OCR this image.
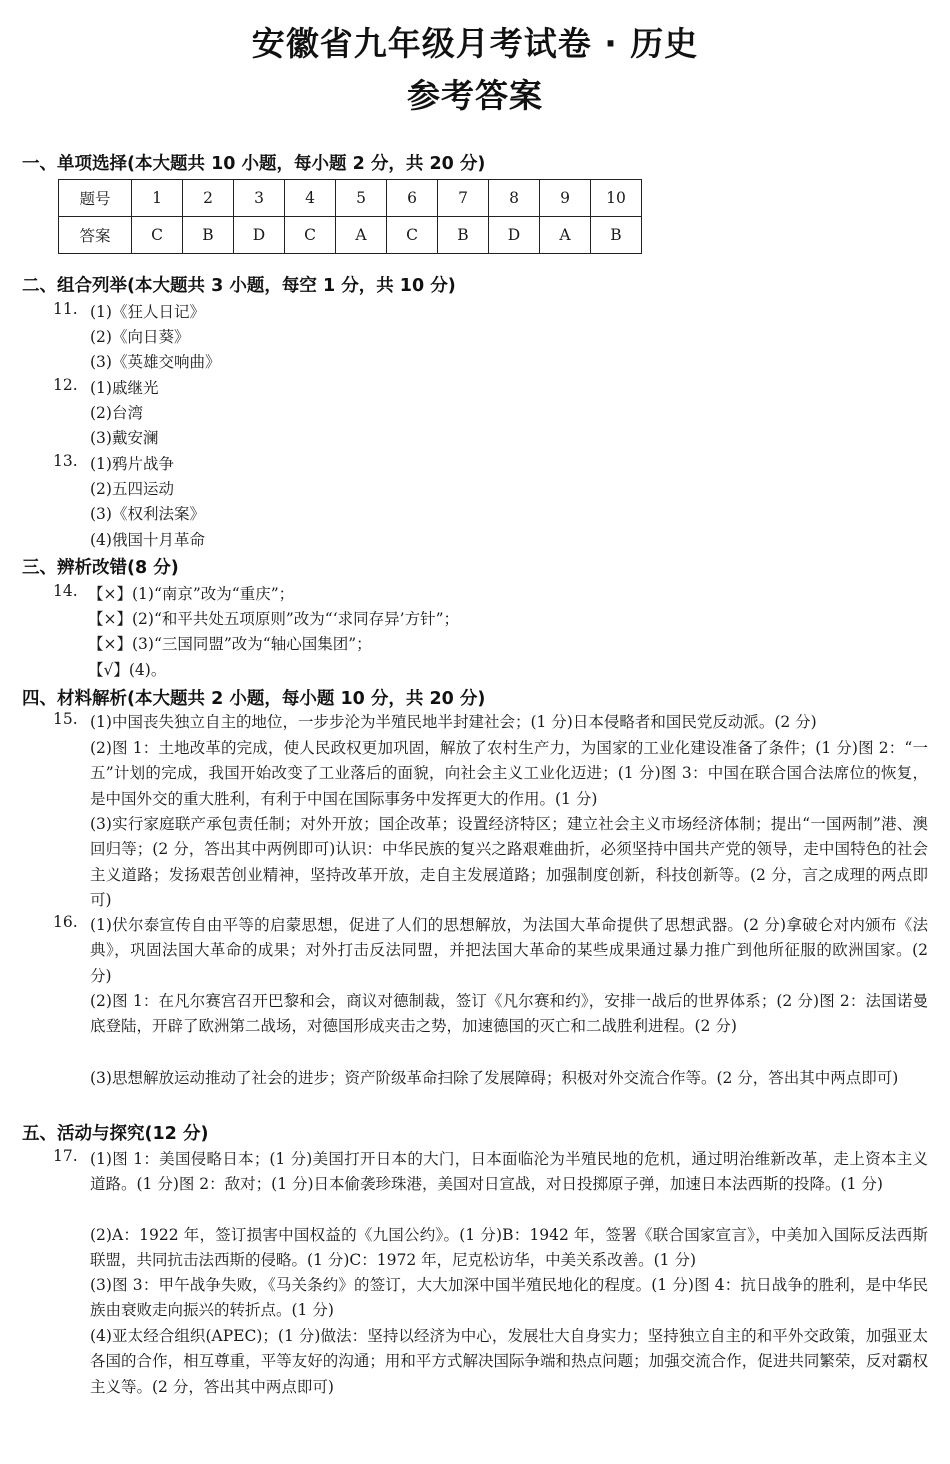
安徽省九年级月考试卷 · 历史
参考答案
一、单项选择(本大题共 10 小题，每小题 2 分，共 20 分)
题号	1	2	3	4	5	6	7	8	9	10
答案	C	B	D	C	A	C	B	D	A	B
二、组合列举(本大题共 3 小题，每空 1 分，共 10 分)
11. (1)《狂人日记》
(2)《向日葵》
(3)《英雄交响曲》
12. (1)戚继光
(2)台湾
(3)戴安澜
13. (1)鸦片战争
(2)五四运动
(3)《权利法案》
(4)俄国十月革命
三、辨析改错(8 分)
14. 【×】(1)“南京”改为“重庆”；
【×】(2)“和平共处五项原则”改为“‘求同存异’方针”；
【×】(3)“三国同盟”改为“轴心国集团”；
【√】(4)。
四、材料解析(本大题共 2 小题，每小题 10 分，共 20 分)
15. (1)中国丧失独立自主的地位，一步步沦为半殖民地半封建社会；(1 分)日本侵略者和国民党反动派。(2 分)

(2)图 1：土地改革的完成，使人民政权更加巩固，解放了农村生产力，为国家的工业化建设准备了条件；(1 分)图 2：“一五”计划的完成，我国开始改变了工业落后的面貌，向社会主义工业化迈进；(1 分)图 3：中国在联合国合法席位的恢复，是中国外交的重大胜利，有利于中国在国际事务中发挥更大的作用。(1 分)

(3)实行家庭联产承包责任制；对外开放；国企改革；设置经济特区；建立社会主义市场经济体制；提出“一国两制”港、澳回归等；(2 分，答出其中两例即可)认识：中华民族的复兴之路艰难曲折，必须坚持中国共产党的领导，走中国特色的社会主义道路；发扬艰苦创业精神，坚持改革开放，走自主发展道路；加强制度创新，科技创新等。(2 分，言之成理的两点即可)

16. (1)伏尔泰宣传自由平等的启蒙思想，促进了人们的思想解放，为法国大革命提供了思想武器。(2 分)拿破仑对内颁布《法典》，巩固法国大革命的成果；对外打击反法同盟，并把法国大革命的某些成果通过暴力推广到他所征服的欧洲国家。(2 分)

(2)图 1：在凡尔赛宫召开巴黎和会，商议对德制裁，签订《凡尔赛和约》，安排一战后的世界体系；(2 分)图 2：法国诺曼底登陆，开辟了欧洲第二战场，对德国形成夹击之势，加速德国的灭亡和二战胜利进程。(2 分)

(3)思想解放运动推动了社会的进步；资产阶级革命扫除了发展障碍；积极对外交流合作等。(2 分，答出其中两点即可)

五、活动与探究(12 分)
17. (1)图 1：美国侵略日本；(1 分)美国打开日本的大门，日本面临沦为半殖民地的危机，通过明治维新改革，走上资本主义道路。(1 分)图 2：敌对；(1 分)日本偷袭珍珠港，美国对日宣战，对日投掷原子弹，加速日本法西斯的投降。(1 分)

(2)A：1922 年，签订损害中国权益的《九国公约》。(1 分)B：1942 年，签署《联合国家宣言》，中美加入国际反法西斯联盟，共同抗击法西斯的侵略。(1 分)C：1972 年，尼克松访华，中美关系改善。(1 分)

(3)图 3：甲午战争失败，《马关条约》的签订，大大加深中国半殖民地化的程度。(1 分)图 4：抗日战争的胜利，是中华民族由衰败走向振兴的转折点。(1 分)

(4)亚太经合组织(APEC)；(1 分)做法：坚持以经济为中心，发展壮大自身实力；坚持独立自主的和平外交政策，加强亚太各国的合作，相互尊重，平等友好的沟通；用和平方式解决国际争端和热点问题；加强交流合作，促进共同繁荣，反对霸权主义等。(2 分，答出其中两点即可)
